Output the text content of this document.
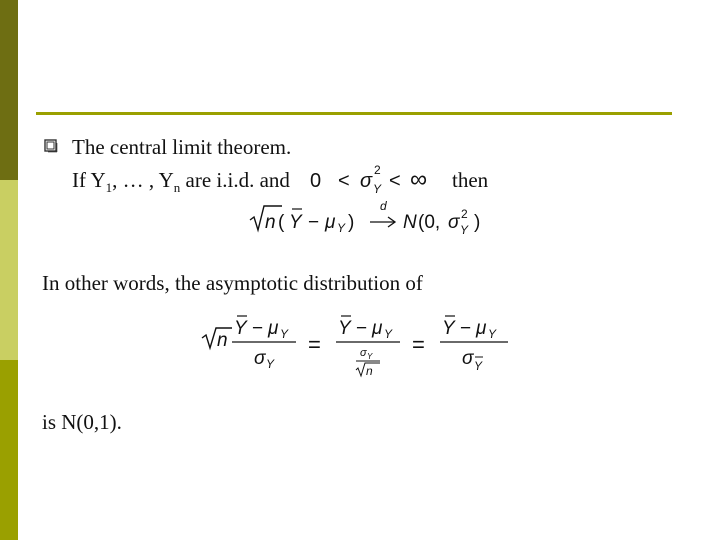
The central limit theorem.
If $Y_1$, … , $Y_n$ are i.i.d. and 0 < σ Y
2 < ∞ then
n ( Y − μ Y )
d
N (0, σ Y
2 )
In other words, the asymptotic distribution of
n
Y − μ Y
σ Y
=
Y − μ Y
σ Y
n
=
Y − μ Y
σ Y
is N(0,1).
